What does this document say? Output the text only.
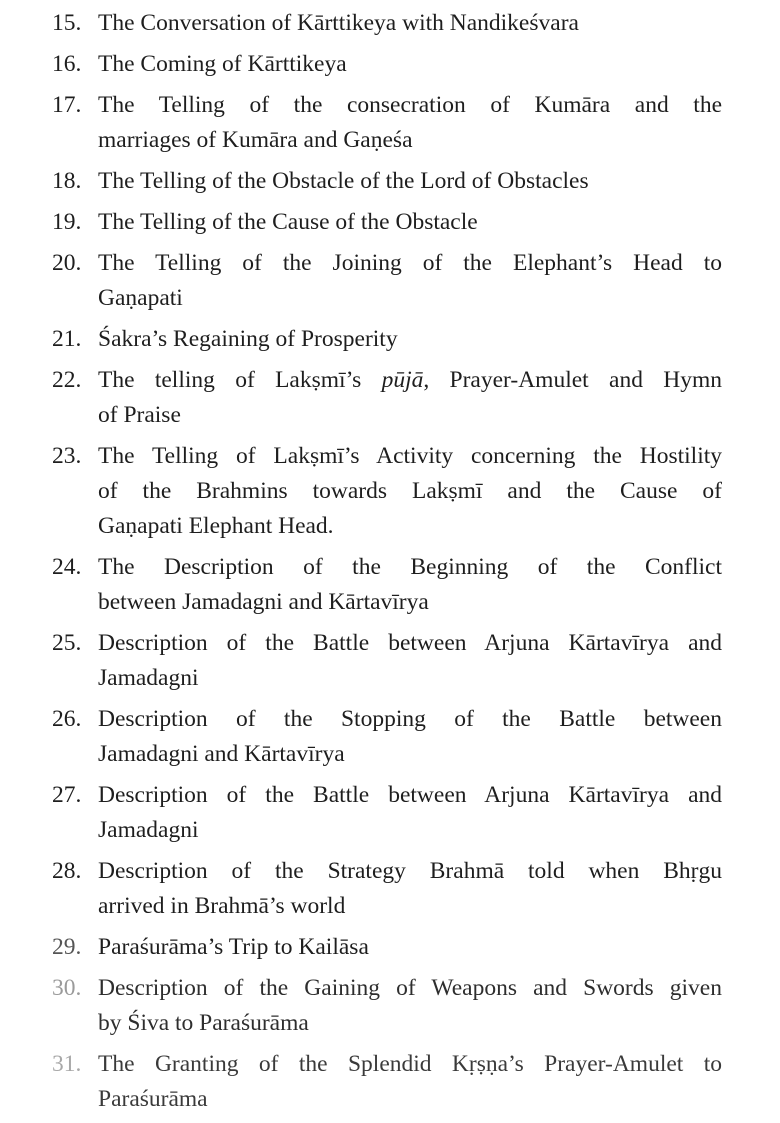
15. The Conversation of Kārttikeya with Nandikeśvara
16. The Coming of Kārttikeya
17. The Telling of the consecration of Kumāra and the
marriages of Kumāra and Gaṇeśa
18. The Telling of the Obstacle of the Lord of Obstacles
19. The Telling of the Cause of the Obstacle
20. The Telling of the Joining of the Elephant’s Head to
Gaṇapati
21. Śakra’s Regaining of Prosperity
22. The telling of Lakṣmī’s pūjā, Prayer-Amulet and Hymn
of Praise
23. The Telling of Lakṣmī’s Activity concerning the Hostility
of the Brahmins towards Lakṣmī and the Cause of
Gaṇapati Elephant Head.
24. The Description of the Beginning of the Conflict
between Jamadagni and Kārtavīrya
25. Description of the Battle between Arjuna Kārtavīrya and
Jamadagni
26. Description of the Stopping of the Battle between
Jamadagni and Kārtavīrya
27. Description of the Battle between Arjuna Kārtavīrya and
Jamadagni
28. Description of the Strategy Brahmā told when Bhṛgu
arrived in Brahmā’s world
29. Paraśurāma’s Trip to Kailāsa
30. Description of the Gaining of Weapons and Swords given
by Śiva to Paraśurāma
31. The Granting of the Splendid Kṛṣṇa’s Prayer-Amulet to
Paraśurāma
